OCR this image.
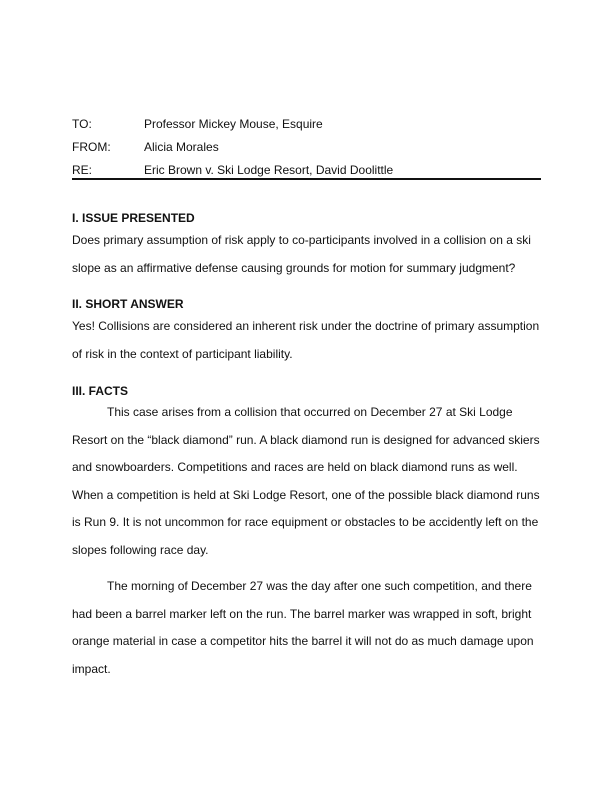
TO:	Professor Mickey Mouse, Esquire
FROM:	Alicia Morales
RE:	Eric Brown v. Ski Lodge Resort, David Doolittle
I. ISSUE PRESENTED

Does primary assumption of risk apply to co-participants involved in a collision on a ski slope as an affirmative defense causing grounds for motion for summary judgment?

II. SHORT ANSWER

Yes! Collisions are considered an inherent risk under the doctrine of primary assumption of risk in the context of participant liability.

III. FACTS

This case arises from a collision that occurred on December 27 at Ski Lodge Resort on the “black diamond” run. A black diamond run is designed for advanced skiers and snowboarders. Competitions and races are held on black diamond runs as well. When a competition is held at Ski Lodge Resort, one of the possible black diamond runs is Run 9. It is not uncommon for race equipment or obstacles to be accidently left on the slopes following race day.

The morning of December 27 was the day after one such competition, and there had been a barrel marker left on the run. The barrel marker was wrapped in soft, bright orange material in case a competitor hits the barrel it will not do as much damage upon impact.
